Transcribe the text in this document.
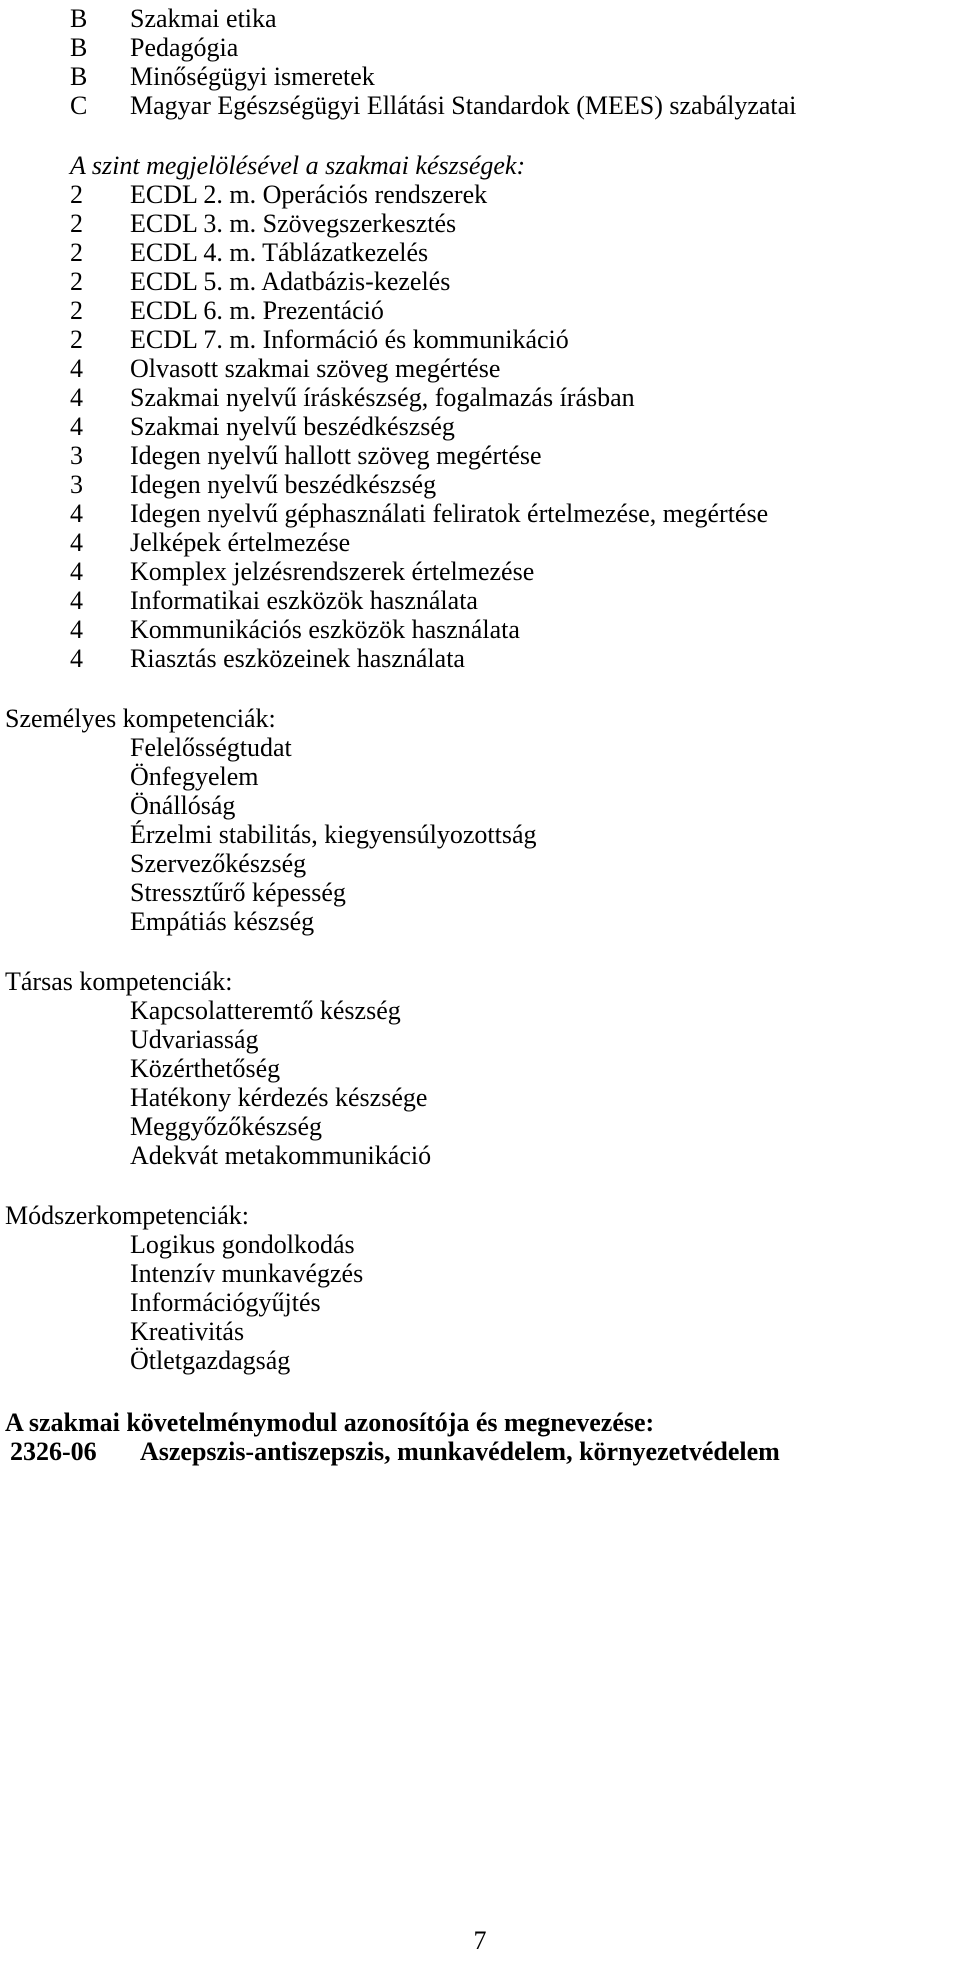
B Szakmai etika
B Pedagógia
B Minőségügyi ismeretek
C Magyar Egészségügyi Ellátási Standardok (MEES) szabályzatai
A szint megjelölésével a szakmai készségek:
2 ECDL 2. m. Operációs rendszerek
2 ECDL 3. m. Szövegszerkesztés
2 ECDL 4. m. Táblázatkezelés
2 ECDL 5. m. Adatbázis-kezelés
2 ECDL 6. m. Prezentáció
2 ECDL 7. m. Információ és kommunikáció
4 Olvasott szakmai szöveg megértése
4 Szakmai nyelvű íráskészség, fogalmazás írásban
4 Szakmai nyelvű beszédkészség
3 Idegen nyelvű hallott szöveg megértése
3 Idegen nyelvű beszédkészség
4 Idegen nyelvű géphasználati feliratok értelmezése, megértése
4 Jelképek értelmezése
4 Komplex jelzésrendszerek értelmezése
4 Informatikai eszközök használata
4 Kommunikációs eszközök használata
4 Riasztás eszközeinek használata
Személyes kompetenciák:
Felelősségtudat
Önfegyelem
Önállóság
Érzelmi stabilitás, kiegyensúlyozottság
Szervezőkészség
Stressztűrő képesség
Empátiás készség
Társas kompetenciák:
Kapcsolatteremtő készség
Udvariasság
Közérthetőség
Hatékony kérdezés készsége
Meggyőzőkészség
Adekvát metakommunikáció
Módszerkompetenciák:
Logikus gondolkodás
Intenzív munkavégzés
Információgyűjtés
Kreativitás
Ötletgazdagság
A szakmai követelménymodul azonosítója és megnevezése:
2326-06 Aszepszis-antiszepszis, munkavédelem, környezetvédelem
7
